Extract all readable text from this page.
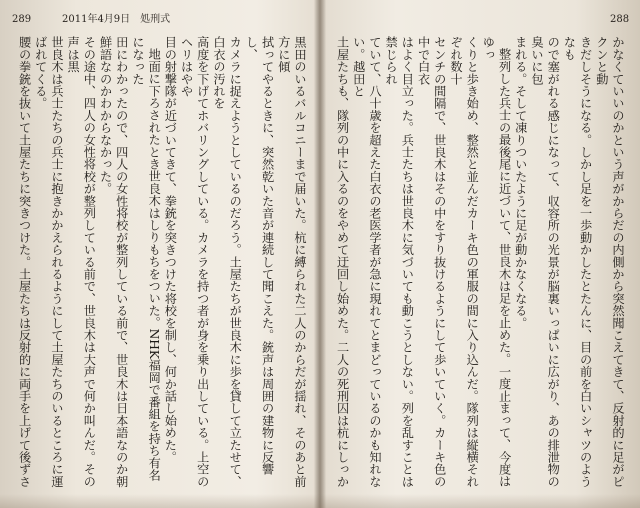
289	2011年4月9日　処刑式

黒田のいるバルコニーまで届いた。杭に縛られた二人のからだが揺れ、そのあと前方に傾

拭ってやるときに、突然乾いた音が連続して聞こえた。銃声は周囲の建物に反響し、

カメラに捉えようとしているのだろう。土屋たちが世良木に歩を貸して立たせて、白衣の汚れを

高度を下げてホバリングしている。カメラを持つ者が身を乗り出している。上空のヘリはやや

目の射撃隊が近づいてきて、拳銃を突きつけた将校を制し、何か話し始めた。

地面に下ろされたとき世良木はしりもちをついた。NHK福岡で番組を持ち有名になった

田にわかったので、四人の女性将校が整列している前で、世良木は日本語なのか朝鮮語なのかわからなかった。

その途中、四人の女性将校が整列している前で、世良木は大声で何か叫んだ。その声は黒

世良木は兵士たちの兵士に抱きかかえられるようにして土屋たちのいるところに運ばれてくる。

腰の拳銃を抜いて土屋たちに突きつけた。土屋たちは反射的に両手を上げて後ずさ

288

かなくていいのかという声がからだの内側から突然聞こえてきて、反射的に足がピクンと動

きだしそうになる。しかし足を一歩動かしたとたんに、目の前を白いシャツのようなも

ので塞がれる感じになって、収容所の光景が脳裏いっぱいに広がり、あの排泄物の臭いに包

まれる。そして凍りついたように足が動かなくなる。

整列した兵士の最後尾に近づいて、世良木は足を止めた。一度止まって、今度はゆっ

くりと歩き始め、整然と並んだカーキ色の軍服の間に入り込んだ。隊列は縦横それぞれ数十

センチの間隔で、世良木はその中をすり抜けるようにして歩いていく。カーキ色の中で白衣

はよく目立った。兵士たちは世良木に気づいても動こうとしない。列を乱すことは禁じられ

ていて、八十歳を超えた白衣の老医学者が急に現れてとまどっているのかも知れない。越田と

土屋たちも、隊列の中に入るのをやめて迂回し始めた。二人の死刑囚は杭にしっか
